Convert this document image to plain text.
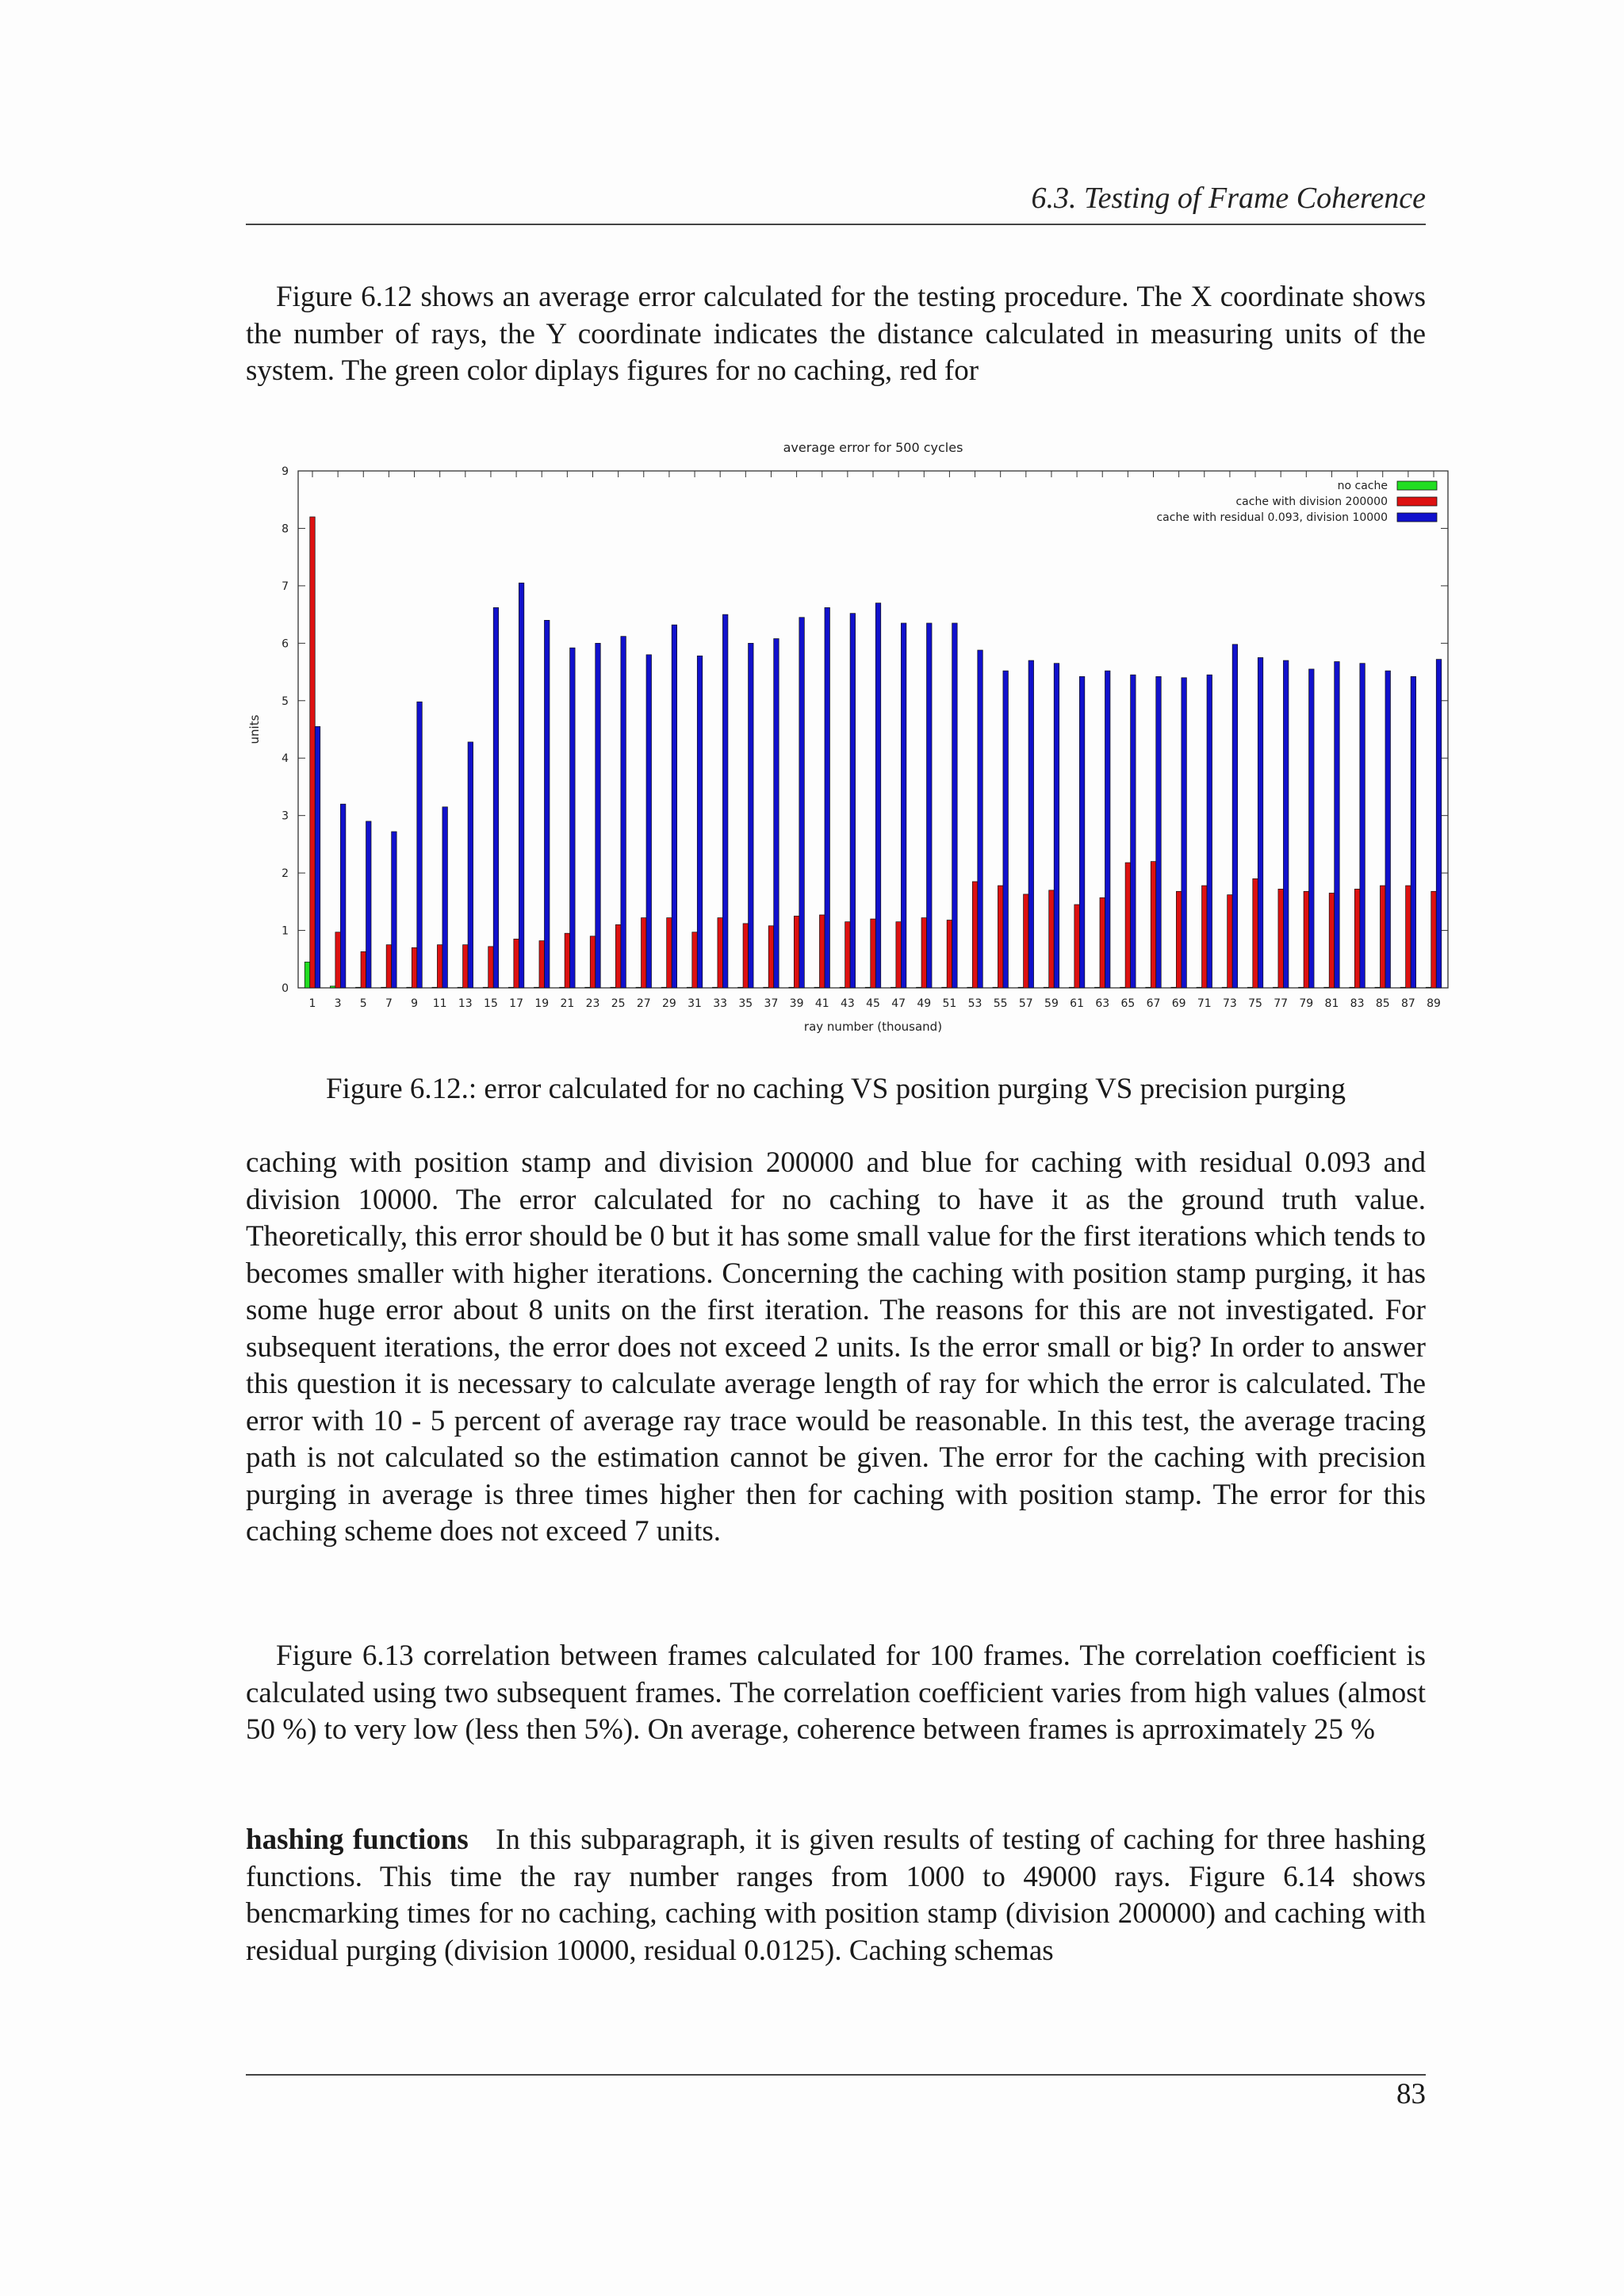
6.3. Testing of Frame Coherence
Figure 6.12 shows an average error calculated for the testing procedure. The X coordinate shows the number of rays, the Y coordinate indicates the distance calculated in measuring units of the system. The green color diplays figures for no caching, red for
average error for 500 cycles
0
1
2
3
4
5
6
7
8
9
1 3 5 7 9 11 13 15 17 19 21 23 25 27 29 31 33 35 37 39 41 43 45 47 49 51 53 55 57 59 61 63 65 67 69 71 73 75 77 79 81 83 85 87 89
ray number (thousand)
units
no cache
cache with division 200000
cache with residual 0.093, division 10000
Figure 6.12.: error calculated for no caching VS position purging VS precision purging
caching with position stamp and division 200000 and blue for caching with residual 0.093 and division 10000. The error calculated for no caching to have it as the ground truth value. Theoretically, this error should be 0 but it has some small value for the first iterations which tends to becomes smaller with higher iterations. Concerning the caching with position stamp purging, it has some huge error about 8 units on the first iteration. The reasons for this are not investigated. For subsequent iterations, the error does not exceed 2 units. Is the error small or big? In order to answer this question it is necessary to calculate average length of ray for which the error is calculated. The error with 10 - 5 percent of average ray trace would be reasonable. In this test, the average tracing path is not calculated so the estimation cannot be given. The error for the caching with precision purging in average is three times higher then for caching with position stamp. The error for this caching scheme does not exceed 7 units.
Figure 6.13 correlation between frames calculated for 100 frames. The correlation coefficient is calculated using two subsequent frames. The correlation coefficient varies from high values (almost 50 %) to very low (less then 5%). On average, coherence between frames is aprroximately 25 %
hashing functions In this subparagraph, it is given results of testing of caching for three hashing functions. This time the ray number ranges from 1000 to 49000 rays. Figure 6.14 shows bencmarking times for no caching, caching with position stamp (division 200000) and caching with residual purging (division 10000, residual 0.0125). Caching schemas
83
